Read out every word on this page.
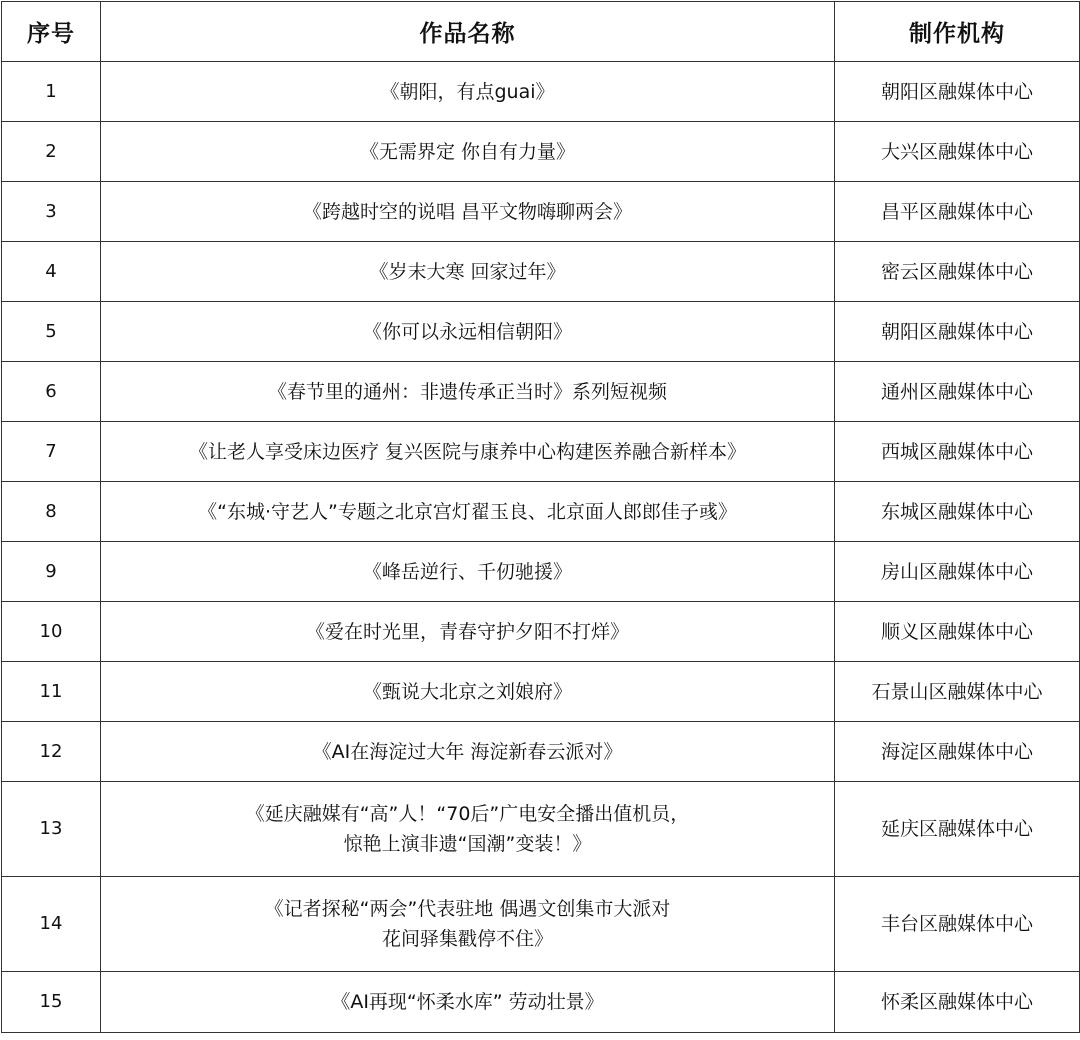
序号	作品名称	制作机构
1	《朝阳，有点guai》	朝阳区融媒体中心
2	《无需界定 你自有力量》	大兴区融媒体中心
3	《跨越时空的说唱 昌平文物嗨聊两会》	昌平区融媒体中心
4	《岁末大寒 回家过年》	密云区融媒体中心
5	《你可以永远相信朝阳》	朝阳区融媒体中心
6	《春节里的通州：非遗传承正当时》系列短视频	通州区融媒体中心
7	《让老人享受床边医疗 复兴医院与康养中心构建医养融合新样本》	西城区融媒体中心
8	《“东城·守艺人”专题之北京宫灯翟玉良、北京面人郎郎佳子彧》	东城区融媒体中心
9	《峰岳逆行、千仞驰援》	房山区融媒体中心
10	《爱在时光里，青春守护夕阳不打烊》	顺义区融媒体中心
11	《甄说大北京之刘娘府》	石景山区融媒体中心
12	《AI在海淀过大年 海淀新春云派对》	海淀区融媒体中心
13	《延庆融媒有“高”人！“70后”广电安全播出值机员，
惊艳上演非遗“国潮”变装！》	延庆区融媒体中心
14	《记者探秘“两会”代表驻地 偶遇文创集市大派对
花间驿集戳停不住》	丰台区融媒体中心
15	《AI再现“怀柔水库” 劳动壮景》	怀柔区融媒体中心
